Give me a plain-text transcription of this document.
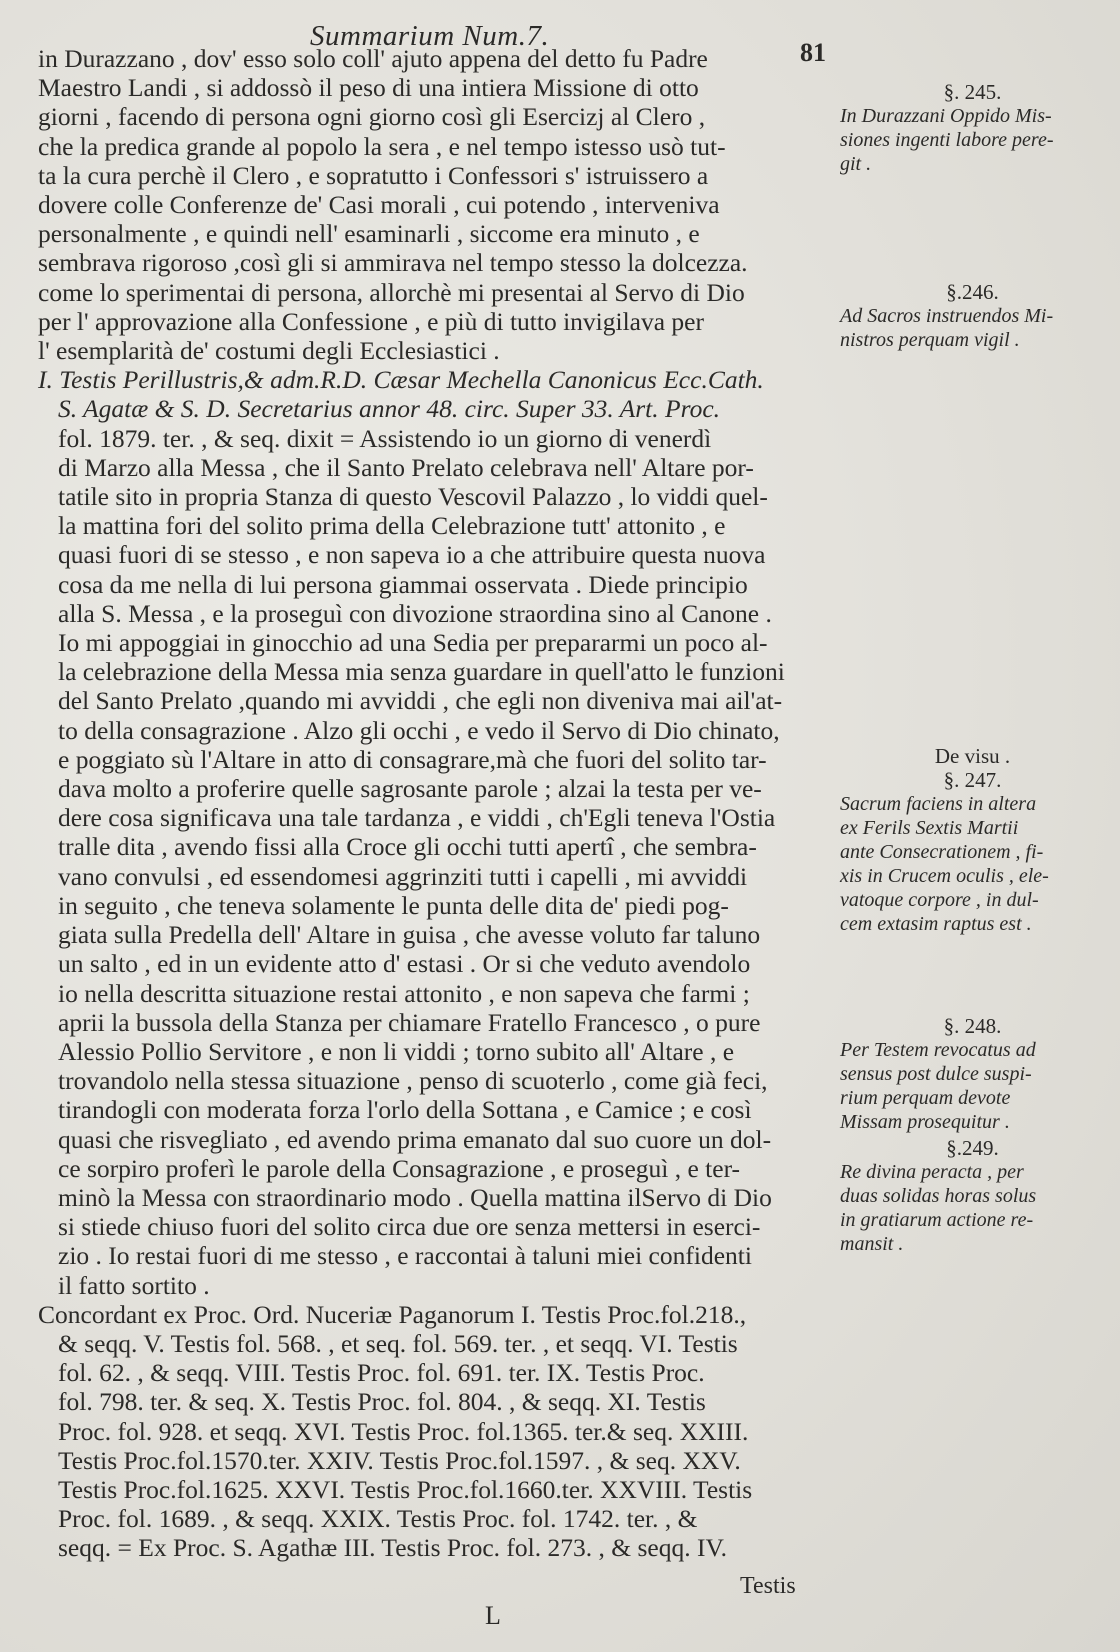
Summarium Num.7.
81
in Durazzano , dov' esso solo coll' ajuto appena del detto fu Padre
Maestro Landi , si addossò il peso di una intiera Missione di otto
giorni , facendo di persona ogni giorno così gli Esercizj al Clero ,
che la predica grande al popolo la sera , e nel tempo istesso usò tut-
ta la cura perchè il Clero , e sopratutto i Confessori s' istruissero a
dovere colle Conferenze de' Casi morali , cui potendo , interveniva
personalmente , e quindi nell' esaminarli , siccome era minuto , e
sembrava rigoroso ,così gli si ammirava nel tempo stesso la dolcezza.
come lo sperimentai di persona, allorchè mi presentai al Servo di Dio
per l' approvazione alla Confessione , e più di tutto invigilava per
l' esemplarità de' costumi degli Ecclesiastici .
I. Testis Perillustris,& adm.R.D. Cæsar Mechella Canonicus Ecc.Cath.
S. Agatæ & S. D. Secretarius annor 48. circ. Super 33. Art. Proc.
fol. 1879. ter. , & seq. dixit = Assistendo io un giorno di venerdì
di Marzo alla Messa , che il Santo Prelato celebrava nell' Altare por-
tatile sito in propria Stanza di questo Vescovil Palazzo , lo viddi quel-
la mattina fori del solito prima della Celebrazione tutt' attonito , e
quasi fuori di se stesso , e non sapeva io a che attribuire questa nuova
cosa da me nella di lui persona giammai osservata . Diede principio
alla S. Messa , e la proseguì con divozione straordina sino al Canone .
Io mi appoggiai in ginocchio ad una Sedia per prepararmi un poco al-
la celebrazione della Messa mia senza guardare in quell'atto le funzioni
del Santo Prelato ,quando mi avviddi , che egli non diveniva mai ail'at-
to della consagrazione . Alzo gli occhi , e vedo il Servo di Dio chinato,
e poggiato sù l'Altare in atto di consagrare,mà che fuori del solito tar-
dava molto a proferire quelle sagrosante parole ; alzai la testa per ve-
dere cosa significava una tale tardanza , e viddi , ch'Egli teneva l'Ostia
tralle dita , avendo fissi alla Croce gli occhi tutti apertî , che sembra-
vano convulsi , ed essendomesi aggrinziti tutti i capelli , mi avviddi
in seguito , che teneva solamente le punta delle dita de' piedi pog-
giata sulla Predella dell' Altare in guisa , che avesse voluto far taluno
un salto , ed in un evidente atto d' estasi . Or si che veduto avendolo
io nella descritta situazione restai attonito , e non sapeva che farmi ;
aprii la bussola della Stanza per chiamare Fratello Francesco , o pure
Alessio Pollio Servitore , e non li viddi ; torno subito all' Altare , e
trovandolo nella stessa situazione , penso di scuoterlo , come già feci,
tirandogli con moderata forza l'orlo della Sottana , e Camice ; e così
quasi che risvegliato , ed avendo prima emanato dal suo cuore un dol-
ce sorpiro proferì le parole della Consagrazione , e proseguì , e ter-
minò la Messa con straordinario modo . Quella mattina ilServo di Dio
si stiede chiuso fuori del solito circa due ore senza mettersi in eserci-
zio . Io restai fuori di me stesso , e raccontai à taluni miei confidenti
il fatto sortito .
Concordant ex Proc. Ord. Nuceriæ Paganorum I. Testis Proc.fol.218.,
& seqq. V. Testis fol. 568. , et seq. fol. 569. ter. , et seqq. VI. Testis
fol. 62. , & seqq. VIII. Testis Proc. fol. 691. ter. IX. Testis Proc.
fol. 798. ter. & seq. X. Testis Proc. fol. 804. , & seqq. XI. Testis
Proc. fol. 928. et seqq. XVI. Testis Proc. fol.1365. ter.& seq. XXIII.
Testis Proc.fol.1570.ter. XXIV. Testis Proc.fol.1597. , & seq. XXV.
Testis Proc.fol.1625. XXVI. Testis Proc.fol.1660.ter. XXVIII. Testis
Proc. fol. 1689. , & seqq. XXIX. Testis Proc. fol. 1742. ter. , &
seqq. = Ex Proc. S. Agathæ III. Testis Proc. fol. 273. , & seqq. IV.
Testis
L
§. 245.
In Durazzani Oppido Mis-
siones ingenti labore pere-
git .
§.246.
Ad Sacros instruendos Mi-
nistros perquam vigil .
De visu .
§. 247.
Sacrum faciens in altera
ex Ferils Sextis Martii
ante Consecrationem , fi-
xis in Crucem oculis , ele-
vatoque corpore , in dul-
cem extasim raptus est .
§. 248.
Per Testem revocatus ad
sensus post dulce suspi-
rium perquam devote
Missam prosequitur .
§.249.
Re divina peracta , per
duas solidas horas solus
in gratiarum actione re-
mansit .
